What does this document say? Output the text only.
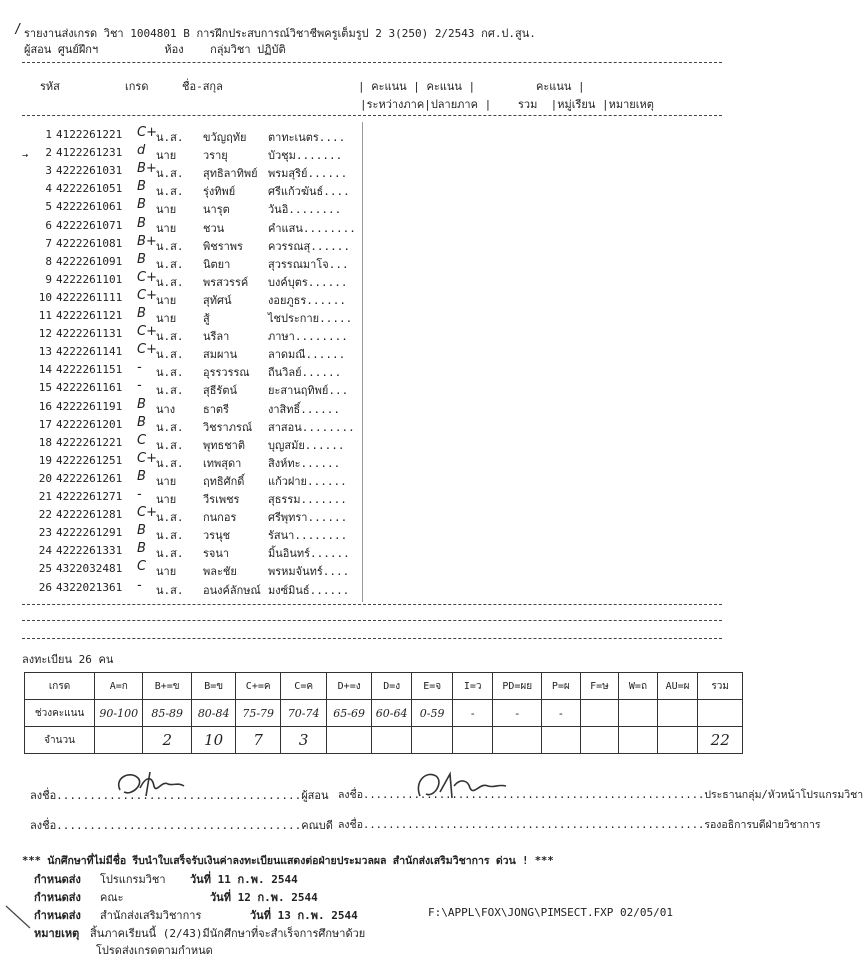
/ รายงานส่งเกรด วิชา 1004801 B การฝึกประสบการณ์วิชาชีพครูเต็มรูป 2 3(250) 2/2543 กศ.ป.สูน.
ผู้สอน ศูนย์ฝึกฯ          ห้อง    กลุ่มวิชา ปฏิบัติ
รหัส	เกรด	ชื่อ-สกุล	| คะแนน | คะแนน |
|ระหว่างภาค|ปลายภาค |
คะแนน |
รวม  |หมู่เรียน |หมายเหตุ
1 4122261221 C+ น.ส. ขวัญฤทัย ตาทะเนตร....
2 4122261231 d นาย วรายุ	บัวชุม.......
3 4222261031 B+ น.ส. สุทธิลาทิพย์ พรมสุริย์......
4 4222261051 B น.ส. รุ่งทิพย์	ศรีแก้วฆันธ์....
5 4222261061 B นาย นารุต	วันอิ........
6 4222261071 B นาย ชวน	คำแสน........
7 4222261081 B+ น.ส. พิชราพร ควรรณสุ......
8 4222261091 B น.ส. นิตยา	สุวรรณมาโจ...
9 4222261101 C+ น.ส. พรสวรรค์ บงค์บุตร......
10 4222261111 C+ นาย สุทัศน์	งอยภูธร......
11 4222261121 B นาย สู้	ไชประกาย.....
12 4222261131 C+ น.ส. นรีลา	ภาษา........
13 4222261141 C+ น.ส. สมผาน	ลาดมณี......
14 4222261151 - น.ส. อุรรวรรณ ถีนวิลย์......
15 4222261161 - น.ส. สุธีรัตน์	ยะสานฤทิพย์...
16 4222261191 B นาง	ธาตรี	งาสิทธิ์......
17 4222261201 B น.ส. วิชราภรณ์ สาสอน........
18 4222261221 C น.ส. พุทธชาติ บุญสมัย......
19 4222261251 C+ น.ส. เทพสุดา สิงห์ทะ......
20 4222261261 B นาย ฤทธิศักดิ์ แก้วฝาย......
21 4222261271 - นาย วีรเพชร	สุธรรม.......
22 4222261281 C+ น.ส. กนกอร	ศรีพุทรา......
23 4222261291 B น.ส. วรนุช	รัสนา........
24 4222261331 B น.ส. รจนา	มิ้นอินทร์......
25 4322032481 C นาย พละชัย	พรหมจันทร์....
26 4322021361 - น.ส. อนงค์ลักษณ์ มงซ์มินธ์......
→
ลงทะเบียน 26 คน
เกรด	A=ก	B+=ข	B=ข	C+=ค	C=ค	D+=ง	D=ง	E=จ	I=ว	PD=ผย	P=ผ	F=ษ	W=ถ	AU=ผ	รวม
ช่วงคะแนน	90-100	85-89	80-84	75-79	70-74	65-69	60-64	0-59	-	-	-				
จำนวน		2	10	7	3										22
ลงชื่อ.....................................ผู้สอน ลงชื่อ......................................................ประธานกลุ่ม/หัวหน้าโปรแกรมวิชา
ลงชื่อ.....................................คณบดี ลงชื่อ......................................................รองอธิการบดีฝ่ายวิชาการ
*** นักศึกษาที่ไม่มีชื่อ รีบนำใบเสร็จรับเงินค่าลงทะเบียนแสดงต่อฝ่ายประมวลผล สำนักส่งเสริมวิชาการ ด่วน ! ***
กำหนดส่ง โปรแกรมวิชา วันที่ 11 ก.พ. 2544
กำหนดส่ง คณะ	วันที่ 12 ก.พ. 2544
กำหนดส่ง สำนักส่งเสริมวิชาการ	วันที่ 13 ก.พ. 2544	F:\APPL\FOX\JONG\PIMSECT.FXP 02/05/01
หมายเหตุ สิ้นภาคเรียนนี้ (2/43)มีนักศึกษาที่จะสำเร็จการศึกษาด้วย
โปรดส่งเกรดตามกำหนด
